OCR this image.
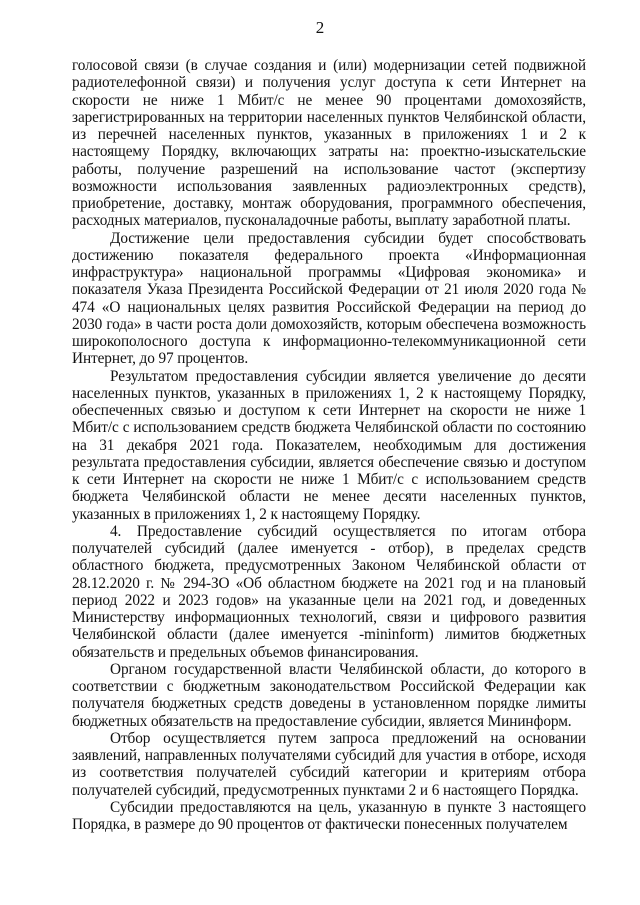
2

голосовой связи (в случае создания и (или) модернизации сетей подвижной радиотелефонной связи) и получения услуг доступа к сети Интернет на скорости не ниже 1 Мбит/с не менее 90 процентами домохозяйств, зарегистрированных на территории населенных пунктов Челябинской области, из перечней населенных пунктов, указанных в приложениях 1 и 2 к настоящему Порядку, включающих затраты на: проектно-изыскательские работы, получение разрешений на использование частот (экспертизу возможности использования заявленных радиоэлектронных средств), приобретение, доставку, монтаж оборудования, программного обеспечения, расходных материалов, пусконаладочные работы, выплату заработной платы.

Достижение цели предоставления субсидии будет способствовать достижению показателя федерального проекта «Информационная инфраструктура» национальной программы «Цифровая экономика» и показателя Указа Президента Российской Федерации от 21 июля 2020 года № 474 «О национальных целях развития Российской Федерации на период до 2030 года» в части роста доли домохозяйств, которым обеспечена возможность широкополосного доступа к информационно-телекоммуникационной сети Интернет, до 97 процентов.

Результатом предоставления субсидии является увеличение до десяти населенных пунктов, указанных в приложениях 1, 2 к настоящему Порядку, обеспеченных связью и доступом к сети Интернет на скорости не ниже 1 Мбит/с с использованием средств бюджета Челябинской области по состоянию на 31 декабря 2021 года. Показателем, необходимым для достижения результата предоставления субсидии, является обеспечение связью и доступом к сети Интернет на скорости не ниже 1 Мбит/с с использованием средств бюджета Челябинской области не менее десяти населенных пунктов, указанных в приложениях 1, 2 к настоящему Порядку.

4. Предоставление субсидий осуществляется по итогам отбора получателей субсидий (далее именуется - отбор), в пределах средств областного бюджета, предусмотренных Законом Челябинской области от 28.12.2020 г. № 294-ЗО «Об областном бюджете на 2021 год и на плановый период 2022 и 2023 годов» на указанные цели на 2021 год, и доведенных Министерству информационных технологий, связи и цифрового развития Челябинской области (далее именуется -mininform) лимитов бюджетных обязательств и предельных объемов финансирования.

Органом государственной власти Челябинской области, до которого в соответствии с бюджетным законодательством Российской Федерации как получателя бюджетных средств доведены в установленном порядке лимиты бюджетных обязательств на предоставление субсидии, является Мининформ.

Отбор осуществляется путем запроса предложений на основании заявлений, направленных получателями субсидий для участия в отборе, исходя из соответствия получателей субсидий категории и критериям отбора получателей субсидий, предусмотренных пунктами 2 и 6 настоящего Порядка.

Субсидии предоставляются на цель, указанную в пункте 3 настоящего Порядка, в размере до 90 процентов от фактически понесенных получателем
